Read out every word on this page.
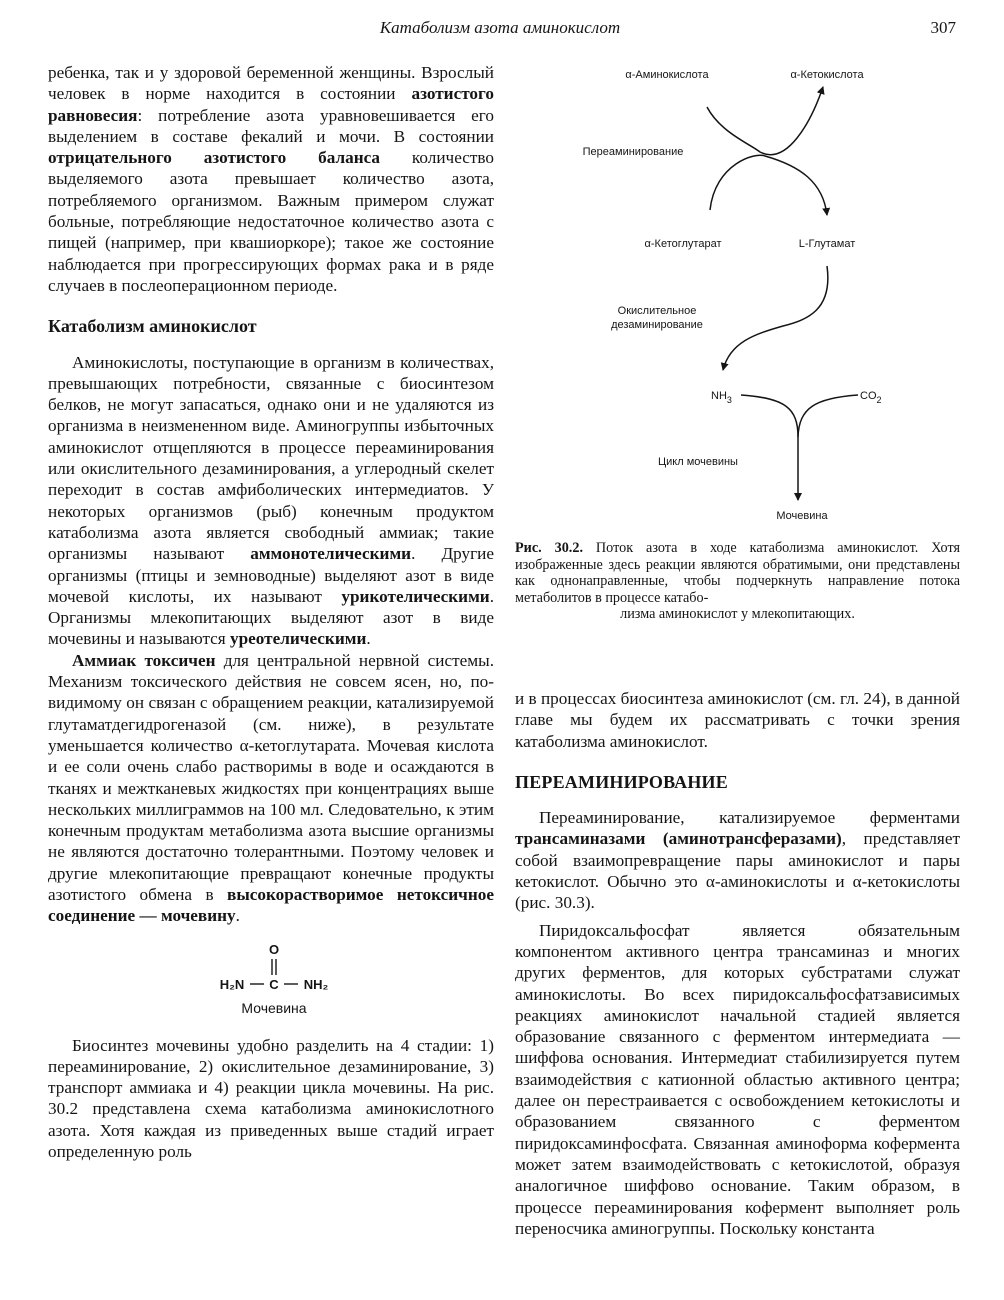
Катаболизм азота аминокислот	307

ребенка, так и у здоровой беременной женщины. Взрослый человек в норме находится в состоянии азотистого равновесия: потребление азота уравновешивается его выделением в составе фекалий и мочи. В состоянии отрицательного азотистого баланса количество выделяемого азота превышает количество азота, потребляемого организмом. Важным примером служат больные, потребляющие недостаточное количество азота с пищей (например, при квашиоркоре); такое же состояние наблюдается при прогрессирующих формах рака и в ряде случаев в послеоперационном периоде.

Катаболизм аминокислот

Аминокислоты, поступающие в организм в количествах, превышающих потребности, связанные с биосинтезом белков, не могут запасаться, однако они и не удаляются из организма в неизмененном виде. Аминогруппы избыточных аминокислот отщепляются в процессе переаминирования или окислительного дезаминирования, а углеродный скелет переходит в состав амфиболических интермедиатов. У некоторых организмов (рыб) конечным продуктом катаболизма азота является свободный аммиак; такие организмы называют аммонотелическими. Другие организмы (птицы и земноводные) выделяют азот в виде мочевой кислоты, их называют урикотелическими. Организмы млекопитающих выделяют азот в виде мочевины и называются уреотелическими.

Аммиак токсичен для центральной нервной системы. Механизм токсического действия не совсем ясен, но, по-видимому он связан с обращением реакции, катализируемой глутаматдегидрогеназой (см. ниже), в результате уменьшается количество α-кетоглутарата. Мочевая кислота и ее соли очень слабо растворимы в воде и осаждаются в тканях и межтканевых жидкостях при концентрациях выше нескольких миллиграммов на 100 мл. Следовательно, к этим конечным продуктам метаболизма азота высшие организмы не являются достаточно толерантными. Поэтому человек и другие млекопитающие превращают конечные продукты азотистого обмена в высокорастворимое нетоксичное соединение — мочевину.

O
H₂N C NH₂
Мочевина

Биосинтез мочевины удобно разделить на 4 стадии: 1) переаминирование, 2) окислительное дезаминирование, 3) транспорт аммиака и 4) реакции цикла мочевины. На рис. 30.2 представлена схема катаболизма аминокислотного азота. Хотя каждая из приведенных выше стадий играет определенную роль

α-Аминокислота	α-Кетокислота
Переаминирование
α-Кетоглутарат	L-Глутамат
Окислительное
дезаминирование
$NH_3$	$CO_2$
Цикл мочевины
Мочевина

Рис. 30.2. Поток азота в ходе катаболизма аминокислот. Хотя изображенные здесь реакции являются обратимыми, они представлены как однонаправленные, чтобы подчеркнуть направление потока метаболитов в процессе катабо-

лизма аминокислот у млекопитающих.

и в процессах биосинтеза аминокислот (см. гл. 24), в данной главе мы будем их рассматривать с точки зрения катаболизма аминокислот.

ПЕРЕАМИНИРОВАНИЕ

Переаминирование, катализируемое ферментами трансаминазами (аминотрансферазами), представляет собой взаимопревращение пары аминокислот и пары кетокислот. Обычно это α-аминокислоты и α-кетокислоты (рис. 30.3).

Пиридоксальфосфат является обязательным компонентом активного центра трансаминаз и многих других ферментов, для которых субстратами служат аминокислоты. Во всех пиридоксальфосфатзависимых реакциях аминокислот начальной стадией является образование связанного с ферментом интермедиата — шиффова основания. Интермедиат стабилизируется путем взаимодействия с катионной областью активного центра; далее он перестраивается с освобождением кетокислоты и образованием связанного с ферментом пиридоксаминфосфата. Связанная аминоформа кофермента может затем взаимодействовать с кетокислотой, образуя аналогичное шиффово основание. Таким образом, в процессе переаминирования кофермент выполняет роль переносчика аминогруппы. Поскольку константа
